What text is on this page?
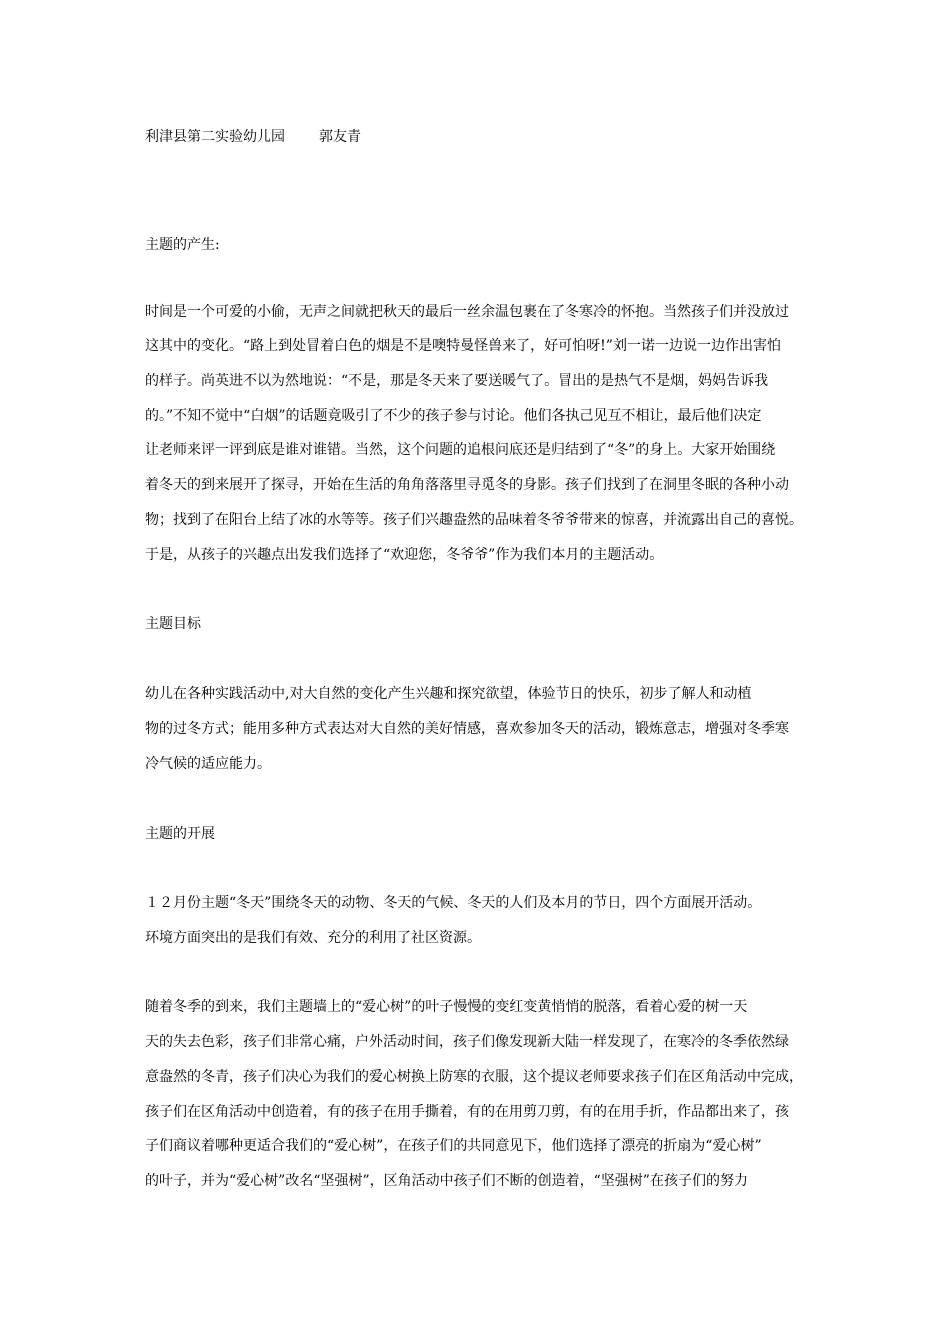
利津县第二实验幼儿园 郭友青
主题的产生:
时间是一个可爱的小偷，无声之间就把秋天的最后一丝余温包裹在了冬寒冷的怀抱。当然孩子们并没放过
这其中的变化。“路上到处冒着白色的烟是不是噢特曼怪兽来了，好可怕呀!”刘一诺一边说一边作出害怕
的样子。尚英进不以为然地说：“不是，那是冬天来了要送暖气了。冒出的是热气不是烟，妈妈告诉我
的。”不知不觉中“白烟”的话题竟吸引了不少的孩子参与讨论。他们各执己见互不相让，最后他们决定
让老师来评一评到底是谁对谁错。当然，这个问题的追根问底还是归结到了“冬”的身上。大家开始围绕
着冬天的到来展开了探寻，开始在生活的角角落落里寻觅冬的身影。孩子们找到了在洞里冬眠的各种小动
物；找到了在阳台上结了冰的水等等。孩子们兴趣盎然的品味着冬爷爷带来的惊喜，并流露出自己的喜悦。
于是，从孩子的兴趣点出发我们选择了“欢迎您，冬爷爷”作为我们本月的主题活动。
主题目标
幼儿在各种实践活动中,对大自然的变化产生兴趣和探究欲望，体验节日的快乐，初步了解人和动植
物的过冬方式；能用多种方式表达对大自然的美好情感，喜欢参加冬天的活动，锻炼意志，增强对冬季寒
冷气候的适应能力。
主题的开展
１２月份主题“冬天”围绕冬天的动物、冬天的气候、冬天的人们及本月的节日，四个方面展开活动。
环境方面突出的是我们有效、充分的利用了社区资源。
随着冬季的到来，我们主题墙上的“爱心树”的叶子慢慢的变红变黄悄悄的脱落，看着心爱的树一天
天的失去色彩，孩子们非常心痛，户外活动时间，孩子们像发现新大陆一样发现了，在寒冷的冬季依然绿
意盎然的冬青，孩子们决心为我们的爱心树换上防寒的衣服，这个提议老师要求孩子们在区角活动中完成，
孩子们在区角活动中创造着，有的孩子在用手撕着，有的在用剪刀剪，有的在用手折，作品都出来了，孩
子们商议着哪种更适合我们的“爱心树”，在孩子们的共同意见下，他们选择了漂亮的折扇为“爱心树”
的叶子，并为“爱心树”改名“坚强树”，区角活动中孩子们不断的创造着，“坚强树”在孩子们的努力
